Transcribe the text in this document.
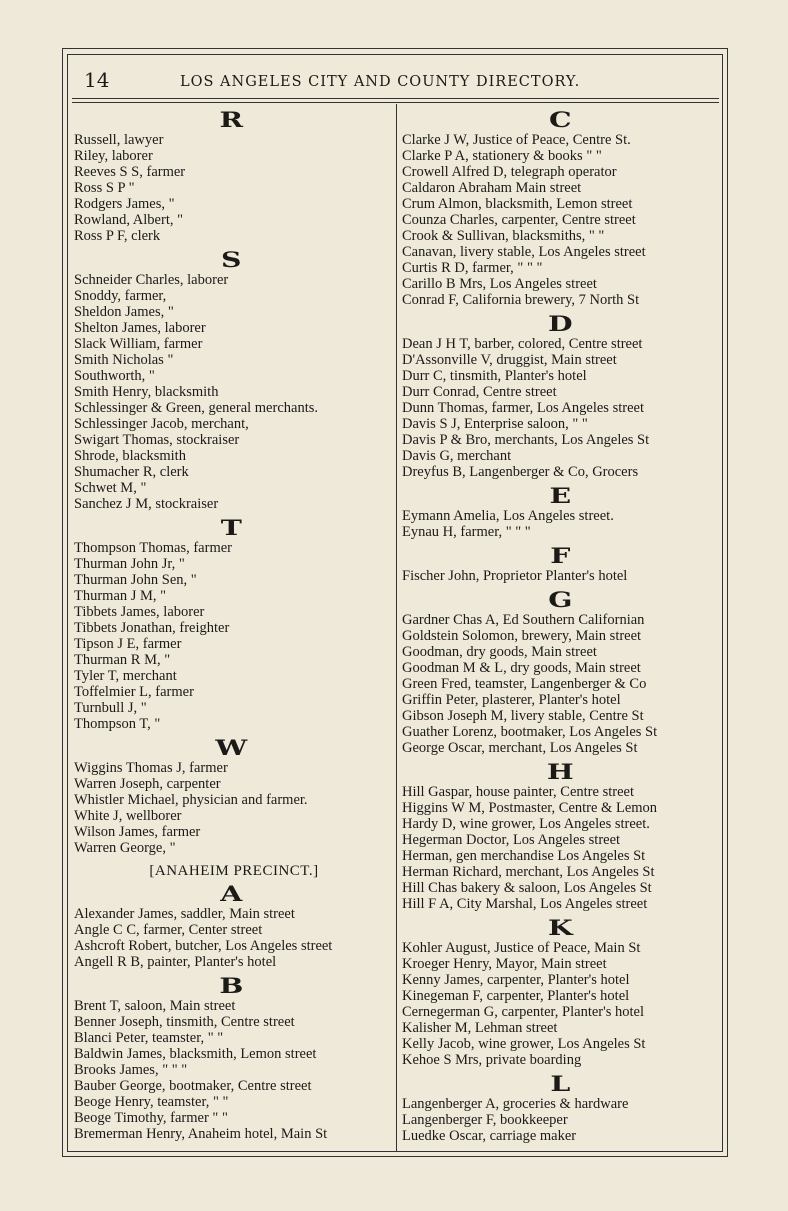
14	LOS ANGELES CITY AND COUNTY DIRECTORY.
R
Russell, lawyer
Riley, laborer
Reeves S S, farmer
Ross S P "
Rodgers James, "
Rowland, Albert, "
Ross P F, clerk
S
Schneider Charles, laborer
Snoddy, farmer,
Sheldon James, "
Shelton James, laborer
Slack William, farmer
Smith Nicholas "
Southworth, "
Smith Henry, blacksmith
Schlessinger & Green, general merchants.
Schlessinger Jacob, merchant,
Swigart Thomas, stockraiser
Shrode, blacksmith
Shumacher R, clerk
Schwet M, "
Sanchez J M, stockraiser
T
Thompson Thomas, farmer
Thurman John Jr, "
Thurman John Sen, "
Thurman J M, "
Tibbets James, laborer
Tibbets Jonathan, freighter
Tipson J E, farmer
Thurman R M, "
Tyler T, merchant
Toffelmier L, farmer
Turnbull J, "
Thompson T, "
W
Wiggins Thomas J, farmer
Warren Joseph, carpenter
Whistler Michael, physician and farmer.
White J, wellborer
Wilson James, farmer
Warren George, "
[ANAHEIM PRECINCT.]
A
Alexander James, saddler, Main street
Angle C C, farmer, Center street
Ashcroft Robert, butcher, Los Angeles street
Angell R B, painter, Planter's hotel
B
Brent T, saloon, Main street
Benner Joseph, tinsmith, Centre street
Blanci Peter, teamster, " "
Baldwin James, blacksmith, Lemon street
Brooks James, " " "
Bauber George, bootmaker, Centre street
Beoge Henry, teamster, " "
Beoge Timothy, farmer " "
Bremerman Henry, Anaheim hotel, Main St
C
Clarke J W, Justice of Peace, Centre St.
Clarke P A, stationery & books " "
Crowell Alfred D, telegraph operator
Caldaron Abraham Main street
Crum Almon, blacksmith, Lemon street
Counza Charles, carpenter, Centre street
Crook & Sullivan, blacksmiths, " "
Canavan, livery stable, Los Angeles street
Curtis R D, farmer, " " "
Carillo B Mrs, Los Angeles street
Conrad F, California brewery, 7 North St
D
Dean J H T, barber, colored, Centre street
D'Assonville V, druggist, Main street
Durr C, tinsmith, Planter's hotel
Durr Conrad, Centre street
Dunn Thomas, farmer, Los Angeles street
Davis S J, Enterprise saloon, " "
Davis P & Bro, merchants, Los Angeles St
Davis G, merchant
Dreyfus B, Langenberger & Co, Grocers
E
Eymann Amelia, Los Angeles street.
Eynau H, farmer, " " "
F
Fischer John, Proprietor Planter's hotel
G
Gardner Chas A, Ed Southern Californian
Goldstein Solomon, brewery, Main street
Goodman, dry goods, Main street
Goodman M & L, dry goods, Main street
Green Fred, teamster, Langenberger & Co
Griffin Peter, plasterer, Planter's hotel
Gibson Joseph M, livery stable, Centre St
Guather Lorenz, bootmaker, Los Angeles St
George Oscar, merchant, Los Angeles St
H
Hill Gaspar, house painter, Centre street
Higgins W M, Postmaster, Centre & Lemon
Hardy D, wine grower, Los Angeles street.
Hegerman Doctor, Los Angeles street
Herman, gen merchandise Los Angeles St
Herman Richard, merchant, Los Angeles St
Hill Chas bakery & saloon, Los Angeles St
Hill F A, City Marshal, Los Angeles street
K
Kohler August, Justice of Peace, Main St
Kroeger Henry, Mayor, Main street
Kenny James, carpenter, Planter's hotel
Kinegeman F, carpenter, Planter's hotel
Cernegerman G, carpenter, Planter's hotel
Kalisher M, Lehman street
Kelly Jacob, wine grower, Los Angeles St
Kehoe S Mrs, private boarding
L
Langenberger A, groceries & hardware
Langenberger F, bookkeeper
Luedke Oscar, carriage maker
